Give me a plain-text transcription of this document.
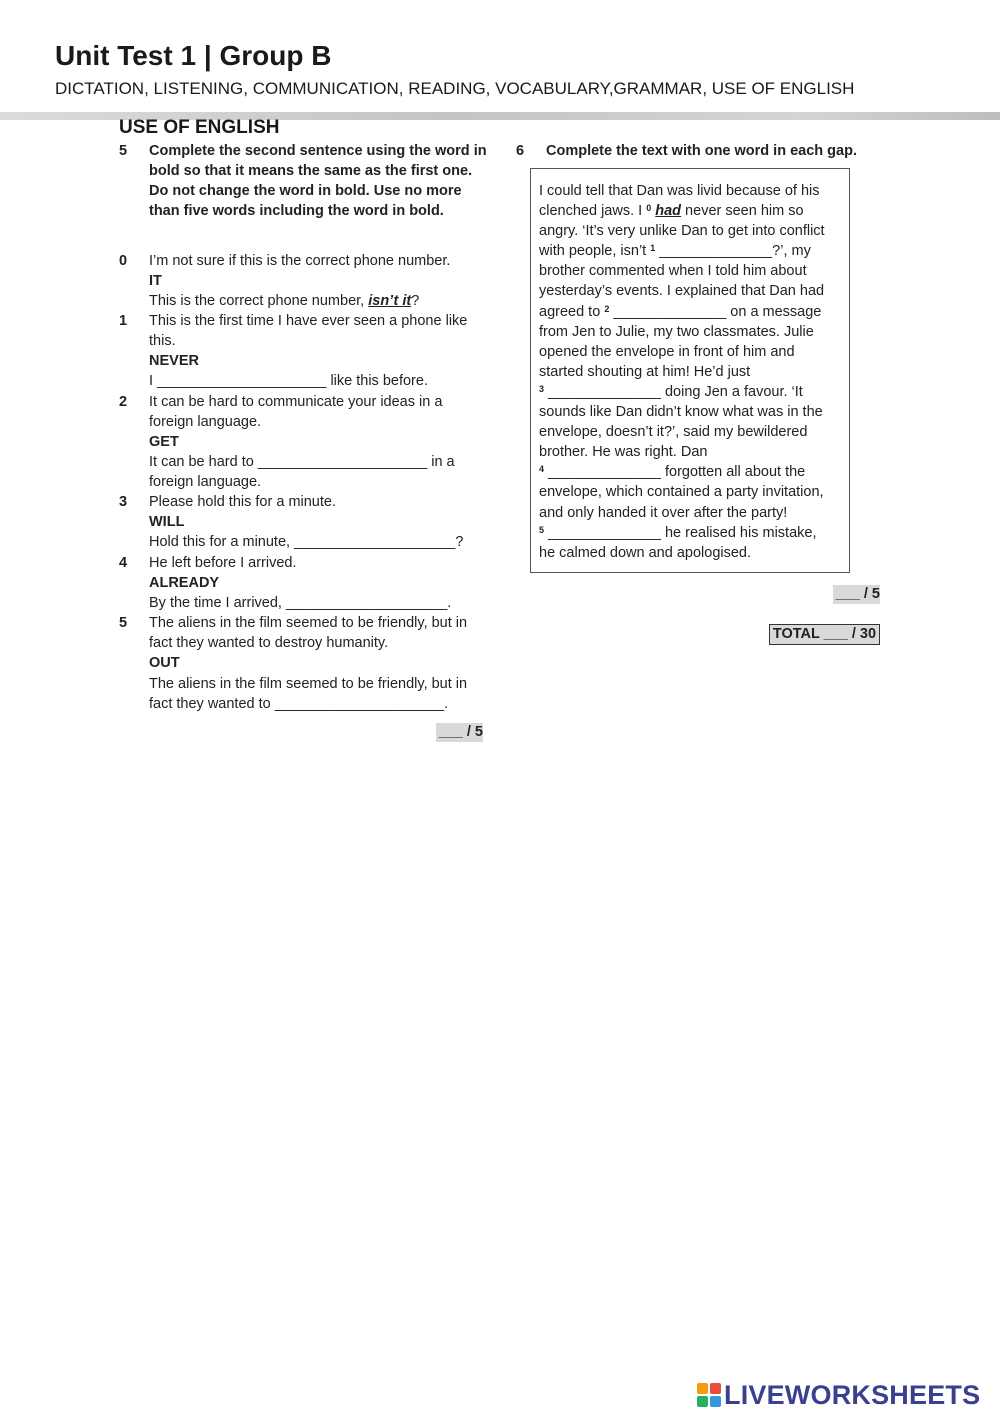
Unit Test 1 | Group B
DICTATION, LISTENING, COMMUNICATION, READING, VOCABULARY,GRAMMAR, USE OF ENGLISH
USE OF ENGLISH
5 Complete the second sentence using the word in bold so that it means the same as the first one. Do not change the word in bold. Use no more than five words including the word in bold.
0 I’m not sure if this is the correct phone number.
IT
This is the correct phone number, isn’t it?
1 This is the first time I have ever seen a phone like this.
NEVER
I _____________________ like this before.
2 It can be hard to communicate your ideas in a foreign language.
GET
It can be hard to _____________________ in a foreign language.
3 Please hold this for a minute.
WILL
Hold this for a minute, ____________________?
4 He left before I arrived.
ALREADY
By the time I arrived, ____________________.
5 The aliens in the film seemed to be friendly, but in fact they wanted to destroy humanity.
OUT
The aliens in the film seemed to be friendly, but in fact they wanted to _____________________.
___ / 5
6 Complete the text with one word in each gap.
I could tell that Dan was livid because of his
clenched jaws. I $^0$ had never seen him so
angry. ‘It’s very unlike Dan to get into conflict
with people, isn’t $^1$ ______________?’, my
brother commented when I told him about
yesterday’s events. I explained that Dan had
agreed to $^2$ ______________ on a message
from Jen to Julie, my two classmates. Julie
opened the envelope in front of him and
started shouting at him! He’d just
$^3$ ______________ doing Jen a favour. ‘It
sounds like Dan didn’t know what was in the
envelope, doesn’t it?’, said my bewildered
brother. He was right. Dan
$^4$ ______________ forgotten all about the
envelope, which contained a party invitation,
and only handed it over after the party!
$^5$ ______________ he realised his mistake,
he calmed down and apologised.
___ / 5
TOTAL ___ / 30
LIVEWORKSHEETS
